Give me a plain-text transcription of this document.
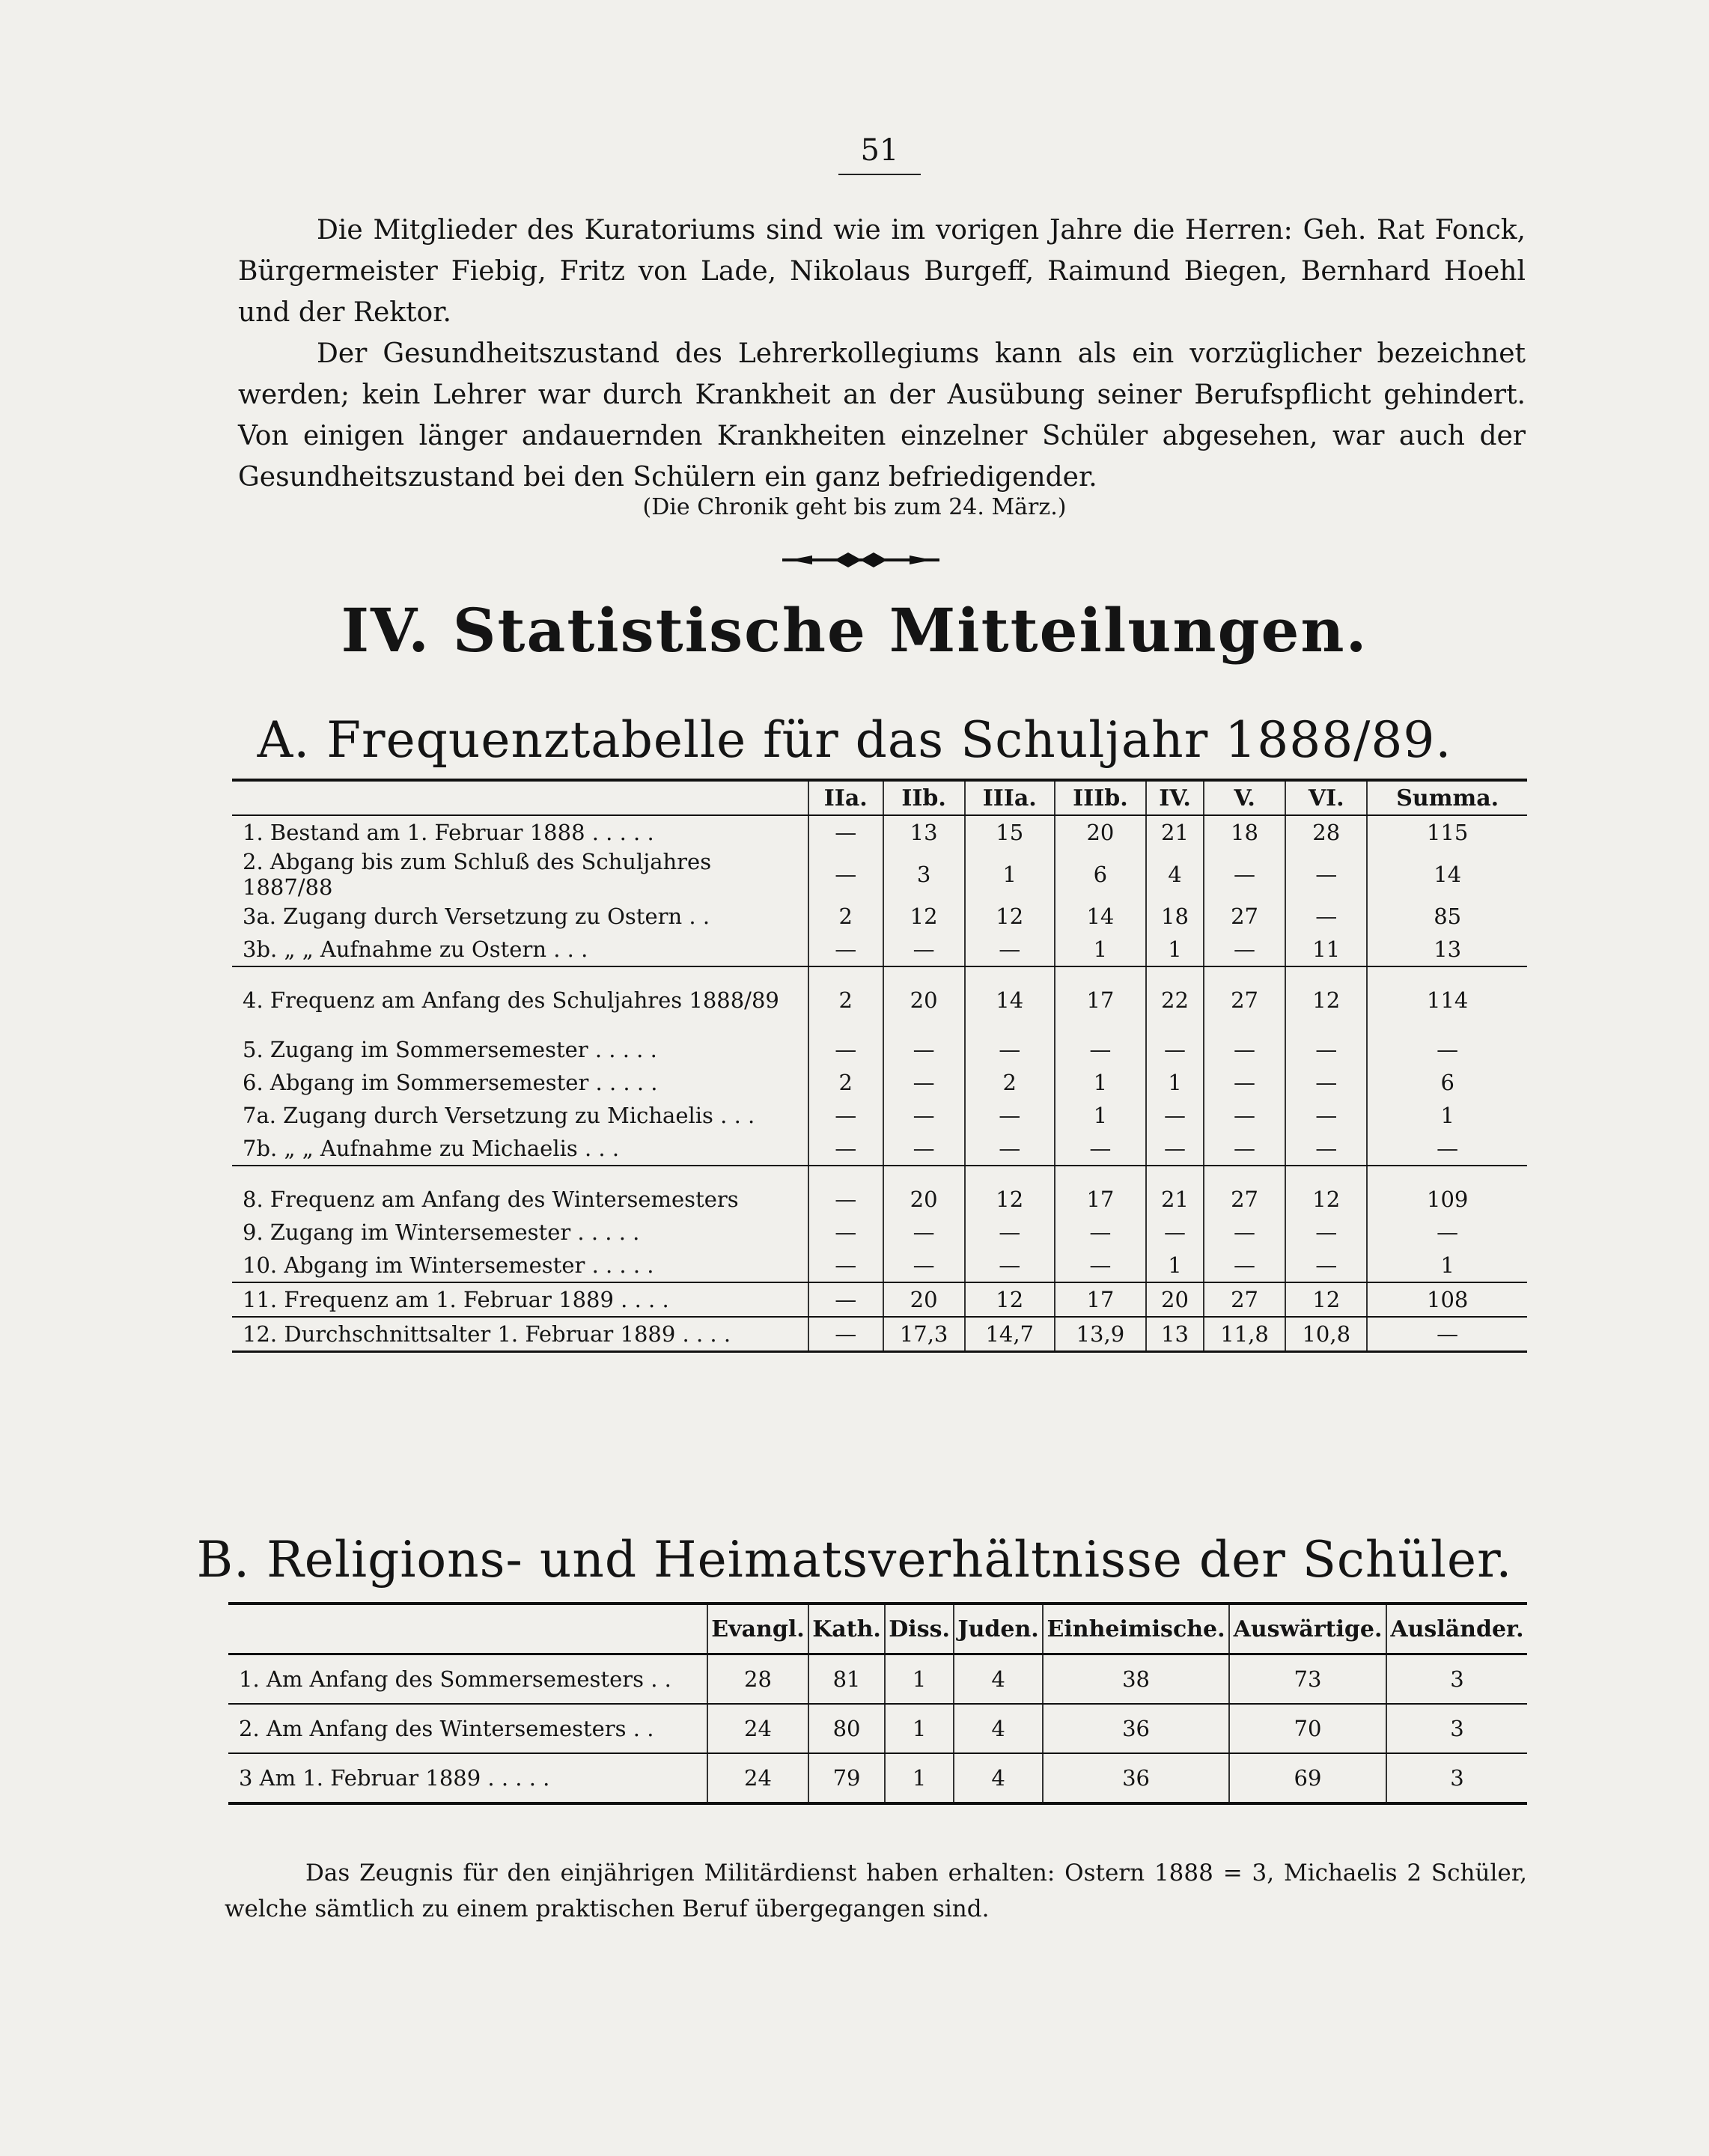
51
Die Mitglieder des Kuratoriums sind wie im vorigen Jahre die Herren: Geh. Rat Fonck, Bürgermeister Fiebig, Fritz von Lade, Nikolaus Burgeff, Raimund Biegen, Bernhard Hoehl und der Rektor.
Der Gesundheitszustand des Lehrerkollegiums kann als ein vorzüglicher bezeichnet werden; kein Lehrer war durch Krankheit an der Ausübung seiner Berufspflicht gehindert. Von einigen länger andauernden Krankheiten einzelner Schüler abgesehen, war auch der Gesundheitszustand bei den Schülern ein ganz befriedigender.
(Die Chronik geht bis zum 24. März.)
IV. Statistische Mitteilungen.
A. Frequenztabelle für das Schuljahr 1888/89.
	IIa.	IIb.	IIIa.	IIIb.	IV.	V.	VI.	Summa.
1. Bestand am 1. Februar 1888 . . . . .	—	13	15	20	21	18	28	115
2. Abgang bis zum Schluß des Schuljahres 1887/88	—	3	1	6	4	—	—	14
3a. Zugang durch Versetzung zu Ostern . .	2	12	12	14	18	27	—	85
3b. „ „ Aufnahme zu Ostern . . .	—	—	—	1	1	—	11	13

4. Frequenz am Anfang des Schuljahres 1888/89	2	20	14	17	22	27	12	114

5. Zugang im Sommersemester . . . . .	—	—	—	—	—	—	—	—
6. Abgang im Sommersemester . . . . .	2	—	2	1	1	—	—	6
7a. Zugang durch Versetzung zu Michaelis . . .	—	—	—	1	—	—	—	1
7b. „ „ Aufnahme zu Michaelis . . .	—	—	—	—	—	—	—	—

8. Frequenz am Anfang des Wintersemesters	—	20	12	17	21	27	12	109
9. Zugang im Wintersemester . . . . .	—	—	—	—	—	—	—	—
10. Abgang im Wintersemester . . . . .	—	—	—	—	1	—	—	1
11. Frequenz am 1. Februar 1889 . . . .	—	20	12	17	20	27	12	108
12. Durchschnittsalter 1. Februar 1889 . . . .	—	17,3	14,7	13,9	13	11,8	10,8	—
B. Religions- und Heimatsverhältnisse der Schüler.
	Evangl.	Kath.	Diss.	Juden.	Einheimische.	Auswärtige.	Ausländer.
1. Am Anfang des Sommersemesters . .	28	81	1	4	38	73	3
2. Am Anfang des Wintersemesters . .	24	80	1	4	36	70	3
3 Am 1. Februar 1889 . . . . .	24	79	1	4	36	69	3
Das Zeugnis für den einjährigen Militärdienst haben erhalten: Ostern 1888 = 3, Michaelis 2 Schüler, welche sämtlich zu einem praktischen Beruf übergegangen sind.
